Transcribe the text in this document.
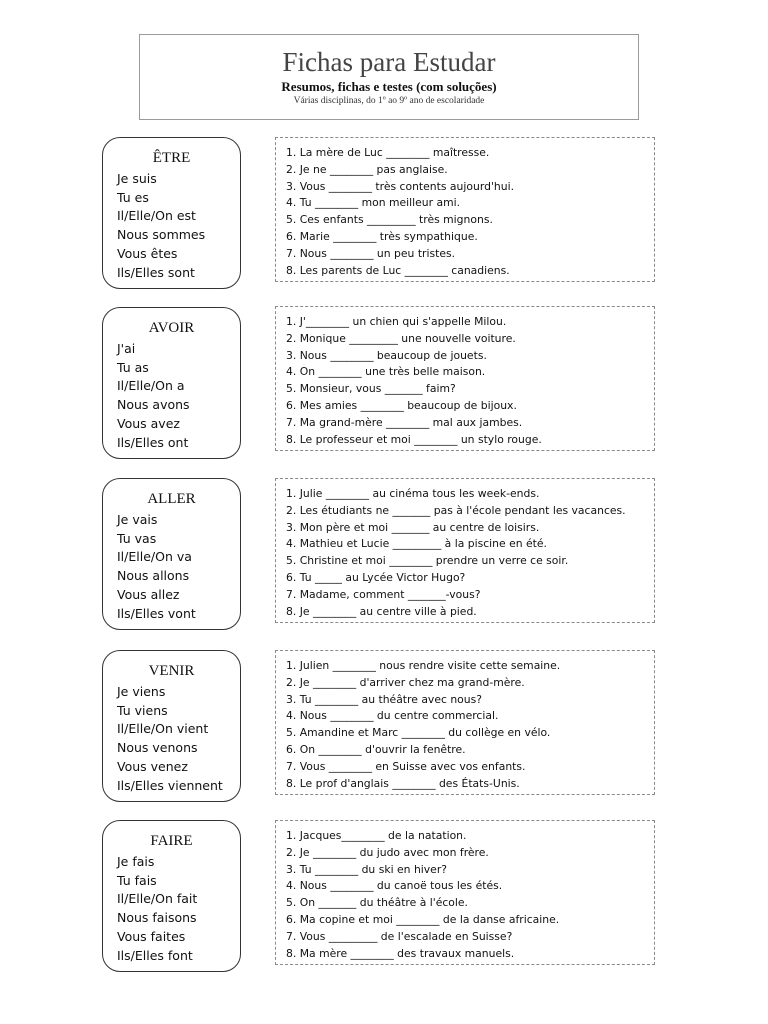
Fichas para Estudar
Resumos, fichas e testes (com soluções)
Várias disciplinas, do 1º ao 9º ano de escolaridade
ÊTRE
Je suis
Tu es
Il/Elle/On est
Nous sommes
Vous êtes
Ils/Elles sont
1. La mère de Luc ________ maîtresse.
2. Je ne ________ pas anglaise.
3. Vous ________ très contents aujourd'hui.
4. Tu ________ mon meilleur ami.
5. Ces enfants _________ très mignons.
6. Marie ________ très sympathique.
7. Nous ________ un peu tristes.
8. Les parents de Luc ________ canadiens.
AVOIR
J'ai
Tu as
Il/Elle/On a
Nous avons
Vous avez
Ils/Elles ont
1. J'________ un chien qui s'appelle Milou.
2. Monique _________ une nouvelle voiture.
3. Nous ________ beaucoup de jouets.
4. On ________ une très belle maison.
5. Monsieur, vous _______ faim?
6. Mes amies ________ beaucoup de bijoux.
7. Ma grand-mère ________ mal aux jambes.
8. Le professeur et moi ________ un stylo rouge.
ALLER
Je vais
Tu vas
Il/Elle/On va
Nous allons
Vous allez
Ils/Elles vont
1. Julie ________ au cinéma tous les week-ends.
2. Les étudiants ne _______ pas à l'école pendant les vacances.
3. Mon père et moi _______ au centre de loisirs.
4. Mathieu et Lucie _________ à la piscine en été.
5. Christine et moi ________ prendre un verre ce soir.
6. Tu _____ au Lycée Victor Hugo?
7. Madame, comment _______-vous?
8. Je ________ au centre ville à pied.
VENIR
Je viens
Tu viens
Il/Elle/On vient
Nous venons
Vous venez
Ils/Elles viennent
1. Julien ________ nous rendre visite cette semaine.
2. Je ________ d'arriver chez ma grand-mère.
3. Tu ________ au théâtre avec nous?
4. Nous ________ du centre commercial.
5. Amandine et Marc ________ du collège en vélo.
6. On ________ d'ouvrir la fenêtre.
7. Vous ________ en Suisse avec vos enfants.
8. Le prof d'anglais ________ des États-Unis.
FAIRE
Je fais
Tu fais
Il/Elle/On fait
Nous faisons
Vous faites
Ils/Elles font
1. Jacques________ de la natation.
2. Je ________ du judo avec mon frère.
3. Tu ________ du ski en hiver?
4. Nous ________ du canoë tous les étés.
5. On _______ du théâtre à l'école.
6. Ma copine et moi ________ de la danse africaine.
7. Vous _________ de l'escalade en Suisse?
8. Ma mère ________ des travaux manuels.
